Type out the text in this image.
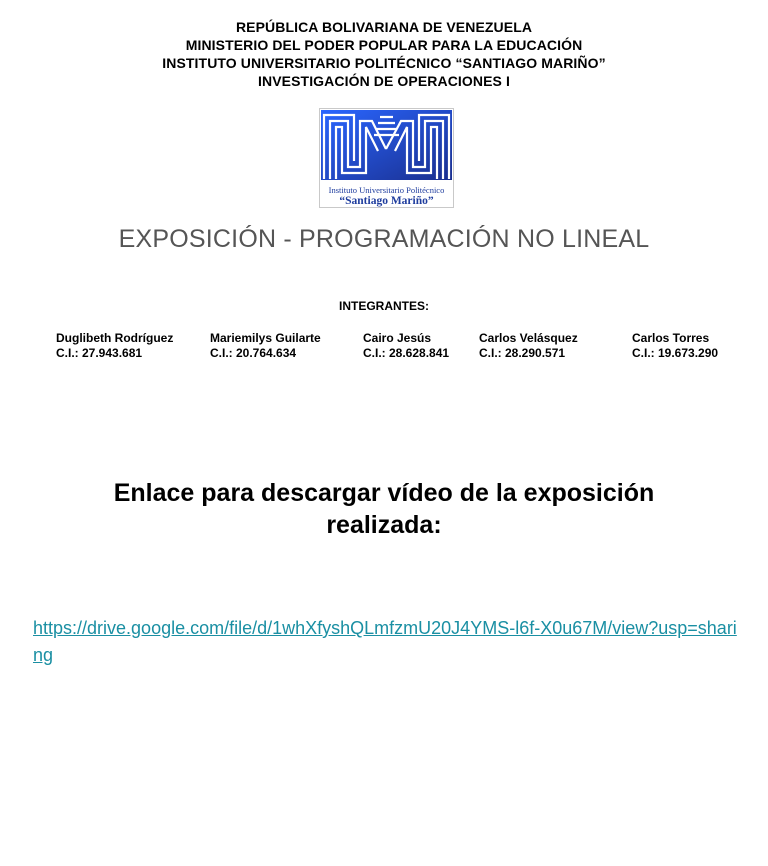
REPÚBLICA BOLIVARIANA DE VENEZUELA
MINISTERIO DEL PODER POPULAR PARA LA EDUCACIÓN
INSTITUTO UNIVERSITARIO POLITÉCNICO “SANTIAGO MARIÑO”
INVESTIGACIÓN DE OPERACIONES I
Instituto Universitario Politécnico
“Santiago Mariño”
EXPOSICIÓN - PROGRAMACIÓN NO LINEAL
INTEGRANTES:
Duglibeth Rodríguez
C.I.: 27.943.681
Mariemilys Guilarte
C.I.: 20.764.634
Cairo Jesús
C.I.: 28.628.841
Carlos Velásquez
C.I.: 28.290.571
Carlos Torres
C.I.: 19.673.290
Enlace para descargar vídeo de la exposición realizada:
https://drive.google.com/file/d/1whXfyshQLmfzmU20J4YMS-l6f-X0u67M/view?usp=sharing
